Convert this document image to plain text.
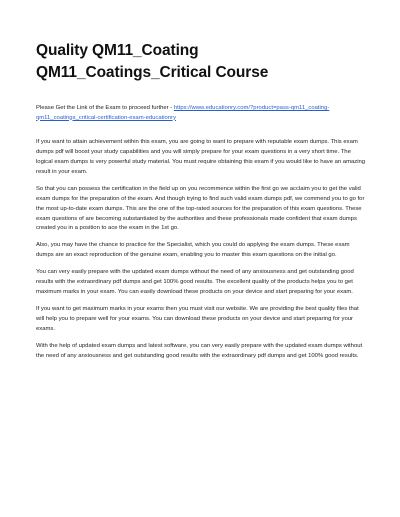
Quality QM11_Coating
QM11_Coatings_Critical Course

Please Get the Link of the Exam to proceed further - https://www.educationry.com/?product=pass-qm11_coating-qm11_coatings_critical-certification-exam-educationry

If you want to attain achievement within this exam, you are going to want to prepare with reputable exam dumps. This exam dumps pdf will boost your study capabilities and you will simply prepare for your exam questions in a very short time. The logical exam dumps is very powerful study material. You must require obtaining this exam if you would like to have an amazing result in your exam.

So that you can possess the certification in the field up on you recommence within the first go we acclaim you to get the valid exam dumps for the preparation of the exam. And though trying to find such valid exam dumps pdf, we commend you to go for the most up-to-date exam dumps. This are the one of the top-rated sources for the preparation of this exam questions. These exam questions of are becoming substantiated by the authorities and these professionals made confident that exam dumps created you in a position to ace the exam in the 1st go.

Also, you may have the chance to practice for the Specialist, which you could do applying the exam dumps. These exam dumps are an exact reproduction of the genuine exam, enabling you to master this exam questions on the initial go.

You can very easily prepare with the updated exam dumps without the need of any anxiousness and get outstanding good results with the extraordinary pdf dumps and get 100% good results. The excellent quality of the products helps you to get maximum marks in your exam. You can easily download these products on your device and start preparing for your exam.

If you want to get maximum marks in your exams then you must visit our website. We are providing the best quality files that will help you to prepare well for your exams. You can download these products on your device and start preparing for your exams.

With the help of updated exam dumps and latest software, you can very easily prepare with the updated exam dumps without the need of any anxiousness and get outstanding good results with the extraordinary pdf dumps and get 100% good results.
